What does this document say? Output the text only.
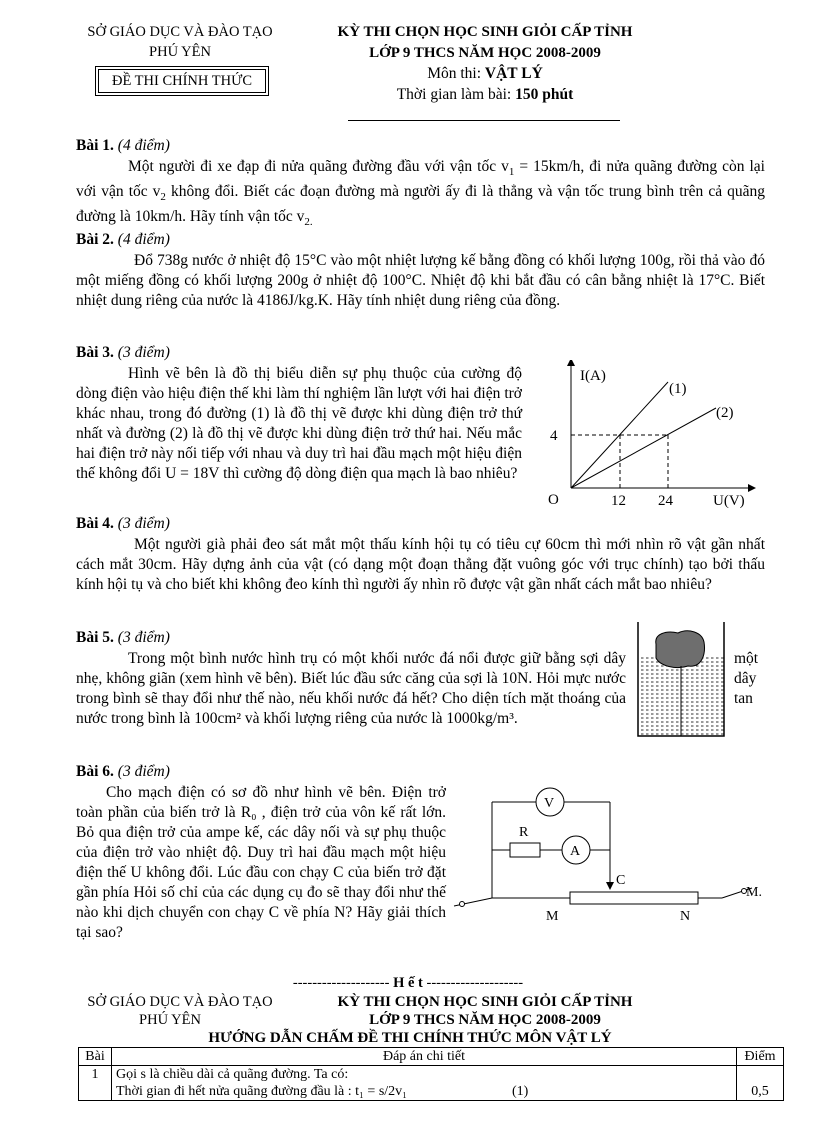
SỞ GIÁO DỤC VÀ ĐÀO TẠO
PHÚ YÊN
ĐỀ THI CHÍNH THỨC
KỲ THI CHỌN HỌC SINH GIỎI CẤP TỈNH
LỚP 9 THCS NĂM HỌC 2008-2009
Môn thi: VẬT LÝ
Thời gian làm bài: 150 phút
Bài 1. (4 điểm)
Một người đi xe đạp đi nửa quãng đường đầu với vận tốc $v_1 = 15km/h$, đi nửa quãng đường còn lại với vận tốc $v_2$ không đổi. Biết các đoạn đường mà người ấy đi là thẳng và vận tốc trung bình trên cả quãng đường là 10km/h. Hãy tính vận tốc $v_{2.}$
Bài 2. (4 điểm)
Đổ 738g nước ở nhiệt độ 15°C vào một nhiệt lượng kế bằng đồng có khối lượng 100g, rồi thả vào đó một miếng đồng có khối lượng 200g ở nhiệt độ 100°C. Nhiệt độ khi bắt đầu có cân bằng nhiệt là 17°C. Biết nhiệt dung riêng của nước là 4186J/kg.K. Hãy tính nhiệt dung riêng của đồng.
Bài 3. (3 điểm)
Hình vẽ bên là đồ thị biểu diễn sự phụ thuộc của cường độ dòng điện vào hiệu điện thế khi làm thí nghiệm lần lượt với hai điện trở khác nhau, trong đó đường (1) là đồ thị vẽ được khi dùng điện trở thứ nhất và đường (2) là đồ thị vẽ được khi dùng điện trở thứ hai. Nếu mắc hai điện trở này nối tiếp với nhau và duy trì hai đầu mạch một hiệu điện thế không đổi U = 18V thì cường độ dòng điện qua mạch là bao nhiêu?
I(A)
U(V)
O
4
12 24
(1)
(2)
Bài 4. (3 điểm)
Một người già phải đeo sát mắt một thấu kính hội tụ có tiêu cự 60cm thì mới nhìn rõ vật gần nhất cách mắt 30cm. Hãy dựng ảnh của vật (có dạng một đoạn thẳng đặt vuông góc với trục chính) tạo bởi thấu kính hội tụ và cho biết khi không đeo kính thì người ấy nhìn rõ được vật gần nhất cách mắt bao nhiêu?
Bài 5. (3 điểm)
Trong một bình nước hình trụ có một khối nước đá nổi được giữ bằng sợi dây nhẹ, không giãn (xem hình vẽ bên). Biết lúc đầu sức căng của sợi là 10N. Hỏi mực nước trong bình sẽ thay đổi như thế nào, nếu khối nước đá hết? Cho diện tích mặt thoáng của nước trong bình là 100cm² và khối lượng riêng của nước là 1000kg/m³.
một
dây
tan
Bài 6. (3 điểm)
Cho mạch điện có sơ đồ như hình vẽ bên. Điện trở toàn phần của biến trở là R₀ , điện trở của vôn kế rất lớn. Bỏ qua điện trở của ampe kế, các dây nối và sự phụ thuộc của điện trở vào nhiệt độ. Duy trì hai đầu mạch một hiệu điện thế U không đổi. Lúc đầu con chạy C của biến trở đặt gần phía Hỏi số chỉ của các dụng cụ đo sẽ thay đổi như thế nào khi dịch chuyển con chạy C về phía N? Hãy giải thích tại sao?
V
R
A
C
M	N
M.
-------------------- H ế t --------------------
SỞ GIÁO DỤC VÀ ĐÀO TẠO
PHÚ YÊN
KỲ THI CHỌN HỌC SINH GIỎI CẤP TỈNH
LỚP 9 THCS NĂM HỌC 2008-2009
HƯỚNG DẪN CHẤM ĐỀ THI CHÍNH THỨC MÔN VẬT LÝ
Bài	Đáp án chi tiết	Điểm
1	Gọi s là chiều dài cả quãng đường. Ta có:
Thời gian đi hết nửa quãng đường đầu là : t₁ = s/2v₁ (1)	0,5
